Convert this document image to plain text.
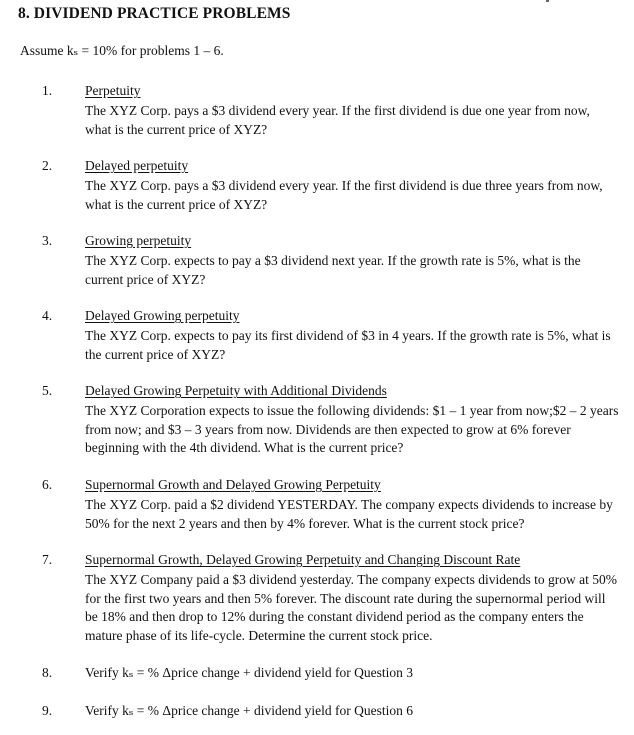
8. DIVIDEND PRACTICE PROBLEMS
Assume kₛ = 10% for problems 1 – 6.
1. Perpetuity
The XYZ Corp. pays a $3 dividend every year. If the first dividend is due one year from now, what is the current price of XYZ?
2. Delayed perpetuity
The XYZ Corp. pays a $3 dividend every year. If the first dividend is due three years from now, what is the current price of XYZ?
3. Growing perpetuity
The XYZ Corp. expects to pay a $3 dividend next year. If the growth rate is 5%, what is the current price of XYZ?
4. Delayed Growing perpetuity
The XYZ Corp. expects to pay its first dividend of $3 in 4 years. If the growth rate is 5%, what is the current price of XYZ?
5. Delayed Growing Perpetuity with Additional Dividends
The XYZ Corporation expects to issue the following dividends: $1 – 1 year from now;$2 – 2 years from now; and $3 – 3 years from now. Dividends are then expected to grow at 6% forever beginning with the 4th dividend. What is the current price?
6. Supernormal Growth and Delayed Growing Perpetuity
The XYZ Corp. paid a $2 dividend YESTERDAY. The company expects dividends to increase by 50% for the next 2 years and then by 4% forever. What is the current stock price?
7. Supernormal Growth, Delayed Growing Perpetuity and Changing Discount Rate
The XYZ Company paid a $3 dividend yesterday. The company expects dividends to grow at 50% for the first two years and then 5% forever. The discount rate during the supernormal period will be 18% and then drop to 12% during the constant dividend period as the company enters the mature phase of its life-cycle. Determine the current stock price.
8. Verify kₛ = % Δprice change + dividend yield for Question 3
9. Verify kₛ = % Δprice change + dividend yield for Question 6
